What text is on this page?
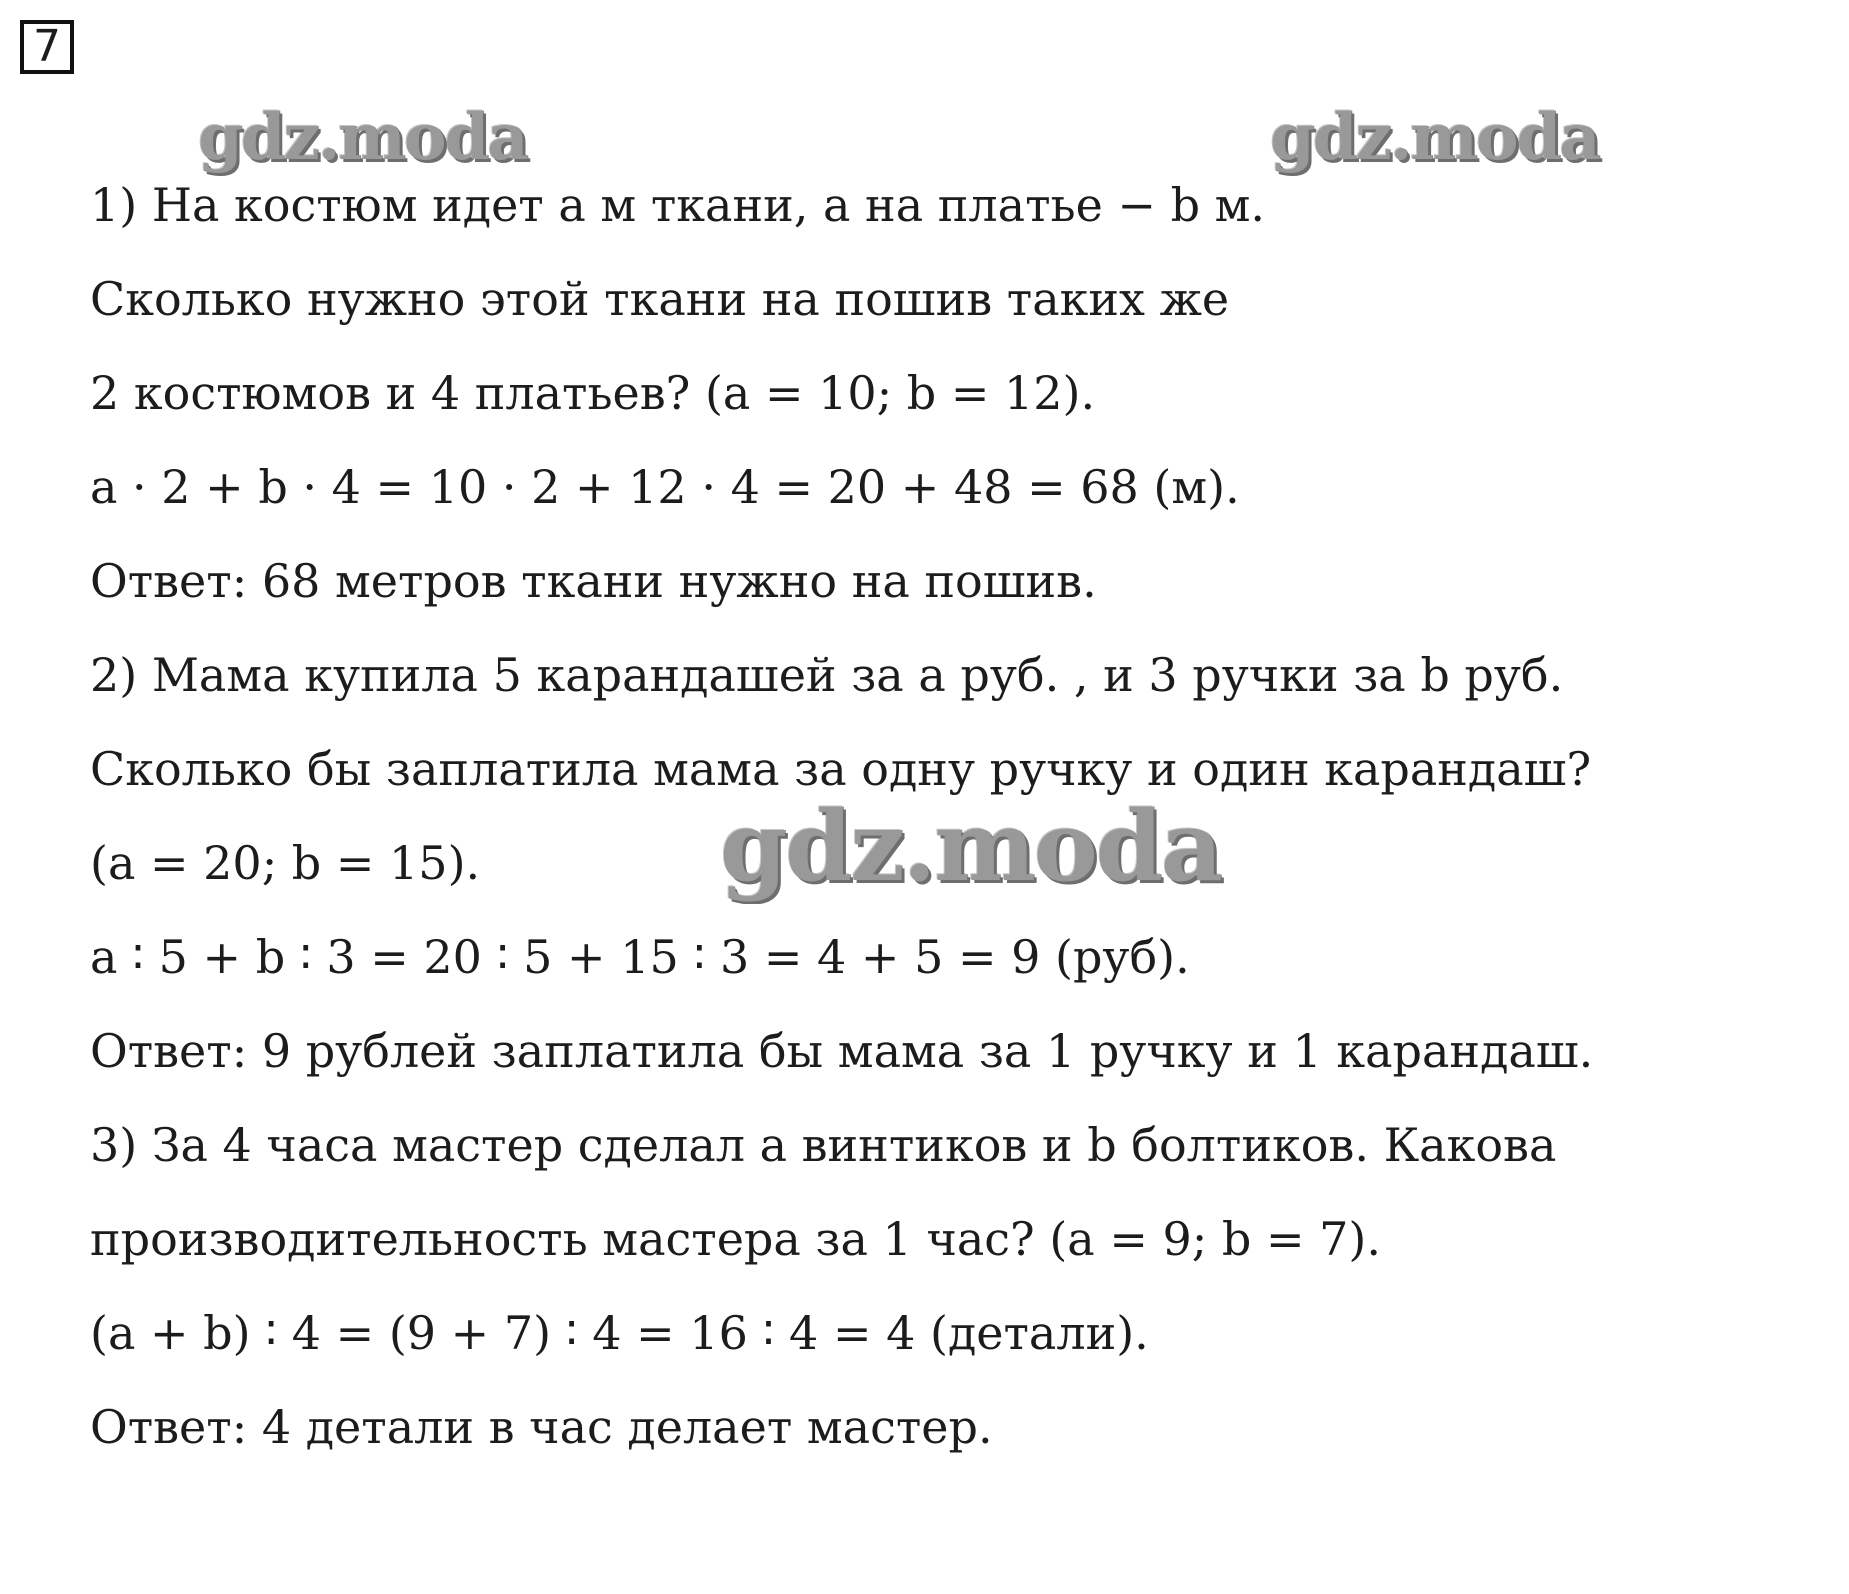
7
gdz.moda	gdz.moda
gdz.moda
1) На костюм идет a м ткани, а на платье − b м.
Сколько нужно этой ткани на пошив таких же
2 костюмов и 4 платьев? (a = 10; b = 12).
a · 2 + b · 4 = 10 · 2 + 12 · 4 = 20 + 48 = 68 (м).
Ответ: 68 метров ткани нужно на пошив.
2) Мама купила 5 карандашей за a руб. , и 3 ручки за b руб.
Сколько бы заплатила мама за одну ручку и один карандаш?
(a = 20; b = 15).
a ∶ 5 + b ∶ 3 = 20 ∶ 5 + 15 ∶ 3 = 4 + 5 = 9 (руб).
Ответ: 9 рублей заплатила бы мама за 1 ручку и 1 карандаш.
3) За 4 часа мастер сделал a винтиков и b болтиков. Какова
производительность мастера за 1 час? (a = 9; b = 7).
(a + b) ∶ 4 = (9 + 7) ∶ 4 = 16 ∶ 4 = 4 (детали).
Ответ: 4 детали в час делает мастер.
